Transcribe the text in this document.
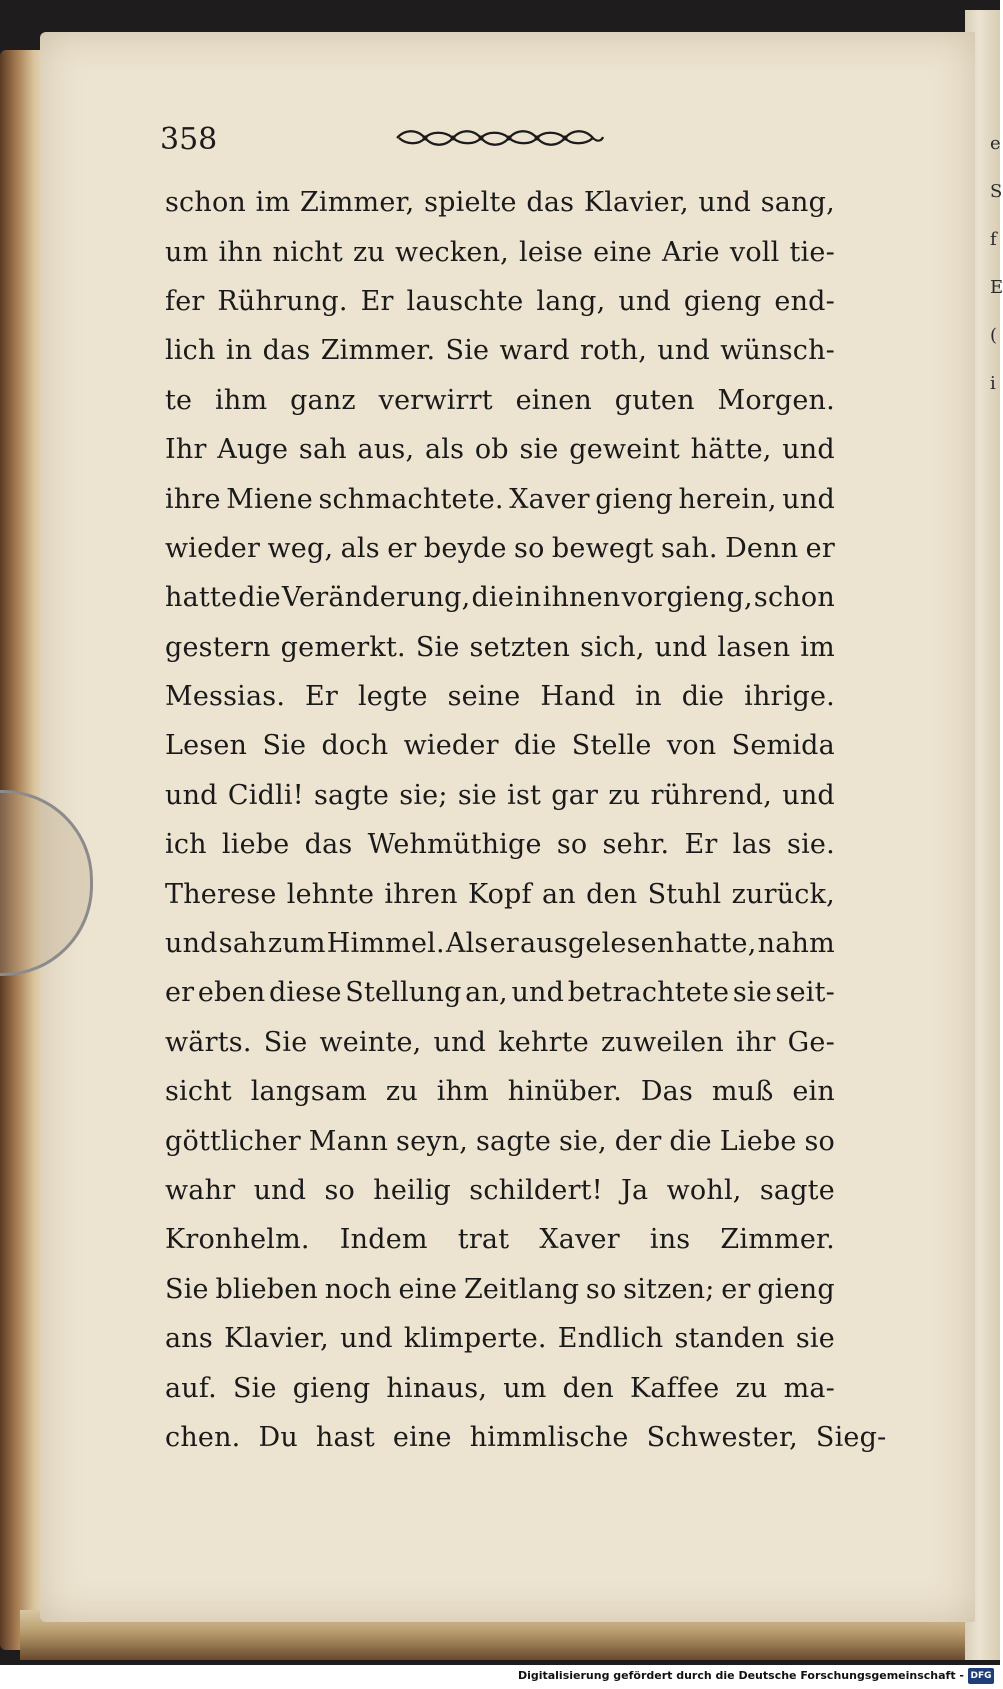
e
S
f
E
(
i
358
schon im Zimmer, spielte das Klavier, und sang,
um ihn nicht zu wecken, leise eine Arie voll tie-
fer Rührung. Er lauschte lang, und gieng end-
lich in das Zimmer. Sie ward roth, und wünsch-
te ihm ganz verwirrt einen guten Morgen.
Ihr Auge sah aus, als ob sie geweint hätte, und
ihre Miene schmachtete. Xaver gieng herein, und
wieder weg, als er beyde so bewegt sah. Denn er
hatte die Veränderung, die in ihnen vorgieng, schon
gestern gemerkt. Sie setzten sich, und lasen im
Messias. Er legte seine Hand in die ihrige.
Lesen Sie doch wieder die Stelle von Semida
und Cidli! sagte sie; sie ist gar zu rührend, und
ich liebe das Wehmüthige so sehr. Er las sie.
Therese lehnte ihren Kopf an den Stuhl zurück,
und sah zum Himmel. Als er ausgelesen hatte, nahm
er eben diese Stellung an, und betrachtete sie seit-
wärts. Sie weinte, und kehrte zuweilen ihr Ge-
sicht langsam zu ihm hinüber. Das muß ein
göttlicher Mann seyn, sagte sie, der die Liebe so
wahr und so heilig schildert! Ja wohl, sagte
Kronhelm. Indem trat Xaver ins Zimmer.
Sie blieben noch eine Zeitlang so sitzen; er gieng
ans Klavier, und klimperte. Endlich standen sie
auf. Sie gieng hinaus, um den Kaffee zu ma-
chen. Du hast eine himmlische Schwester, Sieg-
Digitalisierung gefördert durch die Deutsche Forschungsgemeinschaft - DFG
